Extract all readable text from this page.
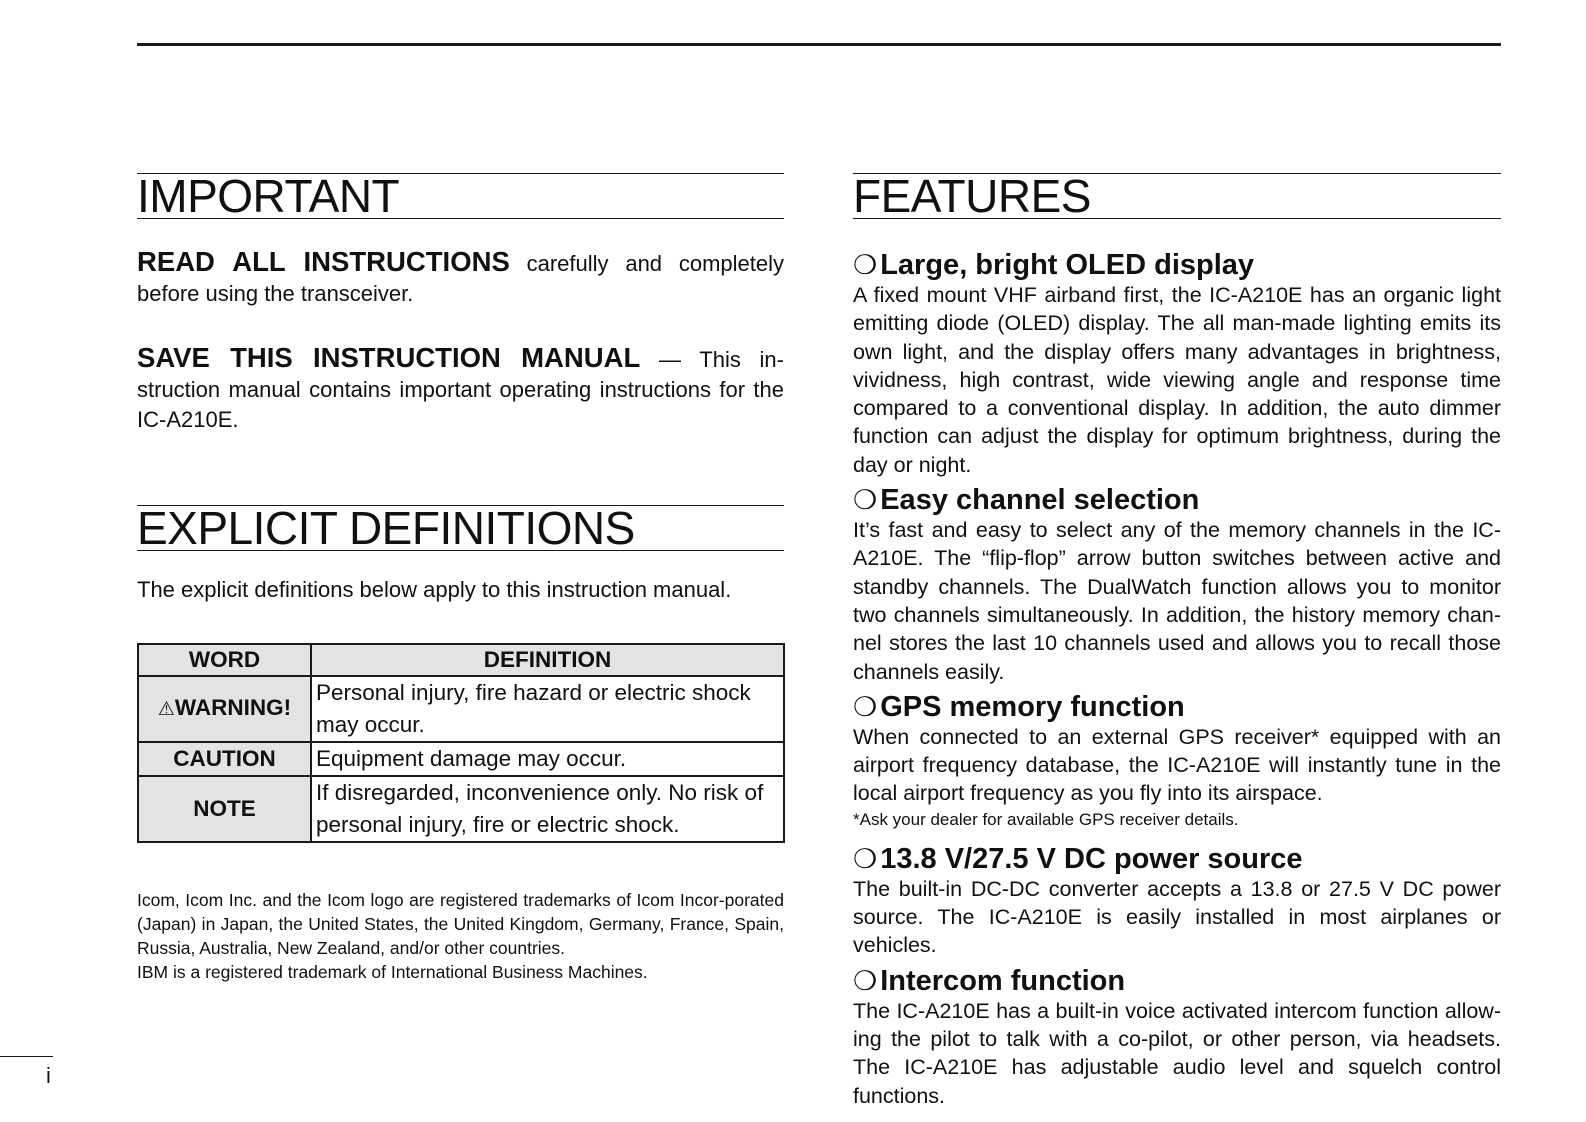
IMPORTANT

READ ALL INSTRUCTIONS carefully and completely before using the transceiver.

SAVE THIS INSTRUCTION MANUAL — This in-struction manual contains important operating instructions for the IC-A210E.

EXPLICIT DEFINITIONS

The explicit definitions below apply to this instruction manual.

WORD	DEFINITION
⚠WARNING!	Personal injury, fire hazard or electric shock may occur.
CAUTION	Equipment damage may occur.
NOTE	If disregarded, inconvenience only. No risk of personal injury, fire or electric shock.

Icom, Icom Inc. and the Icom logo are registered trademarks of Icom Incor-porated (Japan) in Japan, the United States, the United Kingdom, Germany, France, Spain, Russia, Australia, New Zealand, and/or other countries.

IBM is a registered trademark of International Business Machines.

FEATURES
❍ Large, bright OLED display

A fixed mount VHF airband first, the IC-A210E has an organic light emitting diode (OLED) display. The all man-made lighting emits its own light, and the display offers many advantages in brightness, vividness, high contrast, wide viewing angle and response time compared to a conventional display. In addition, the auto dimmer function can adjust the display for optimum brightness, during the day or night.

❍ Easy channel selection

It’s fast and easy to select any of the memory channels in the IC-A210E. The “flip-flop” arrow button switches between active and standby channels. The DualWatch function allows you to monitor two channels simultaneously. In addition, the history memory chan-nel stores the last 10 channels used and allows you to recall those channels easily.

❍ GPS memory function

When connected to an external GPS receiver* equipped with an airport frequency database, the IC-A210E will instantly tune in the local airport frequency as you fly into its airspace.

*Ask your dealer for available GPS receiver details.

❍ 13.8 V/27.5 V DC power source

The built-in DC-DC converter accepts a 13.8 or 27.5 V DC power source. The IC-A210E is easily installed in most airplanes or vehicles.

❍ Intercom function

The IC-A210E has a built-in voice activated intercom function allow-ing the pilot to talk with a co-pilot, or other person, via headsets. The IC-A210E has adjustable audio level and squelch control functions.

i
